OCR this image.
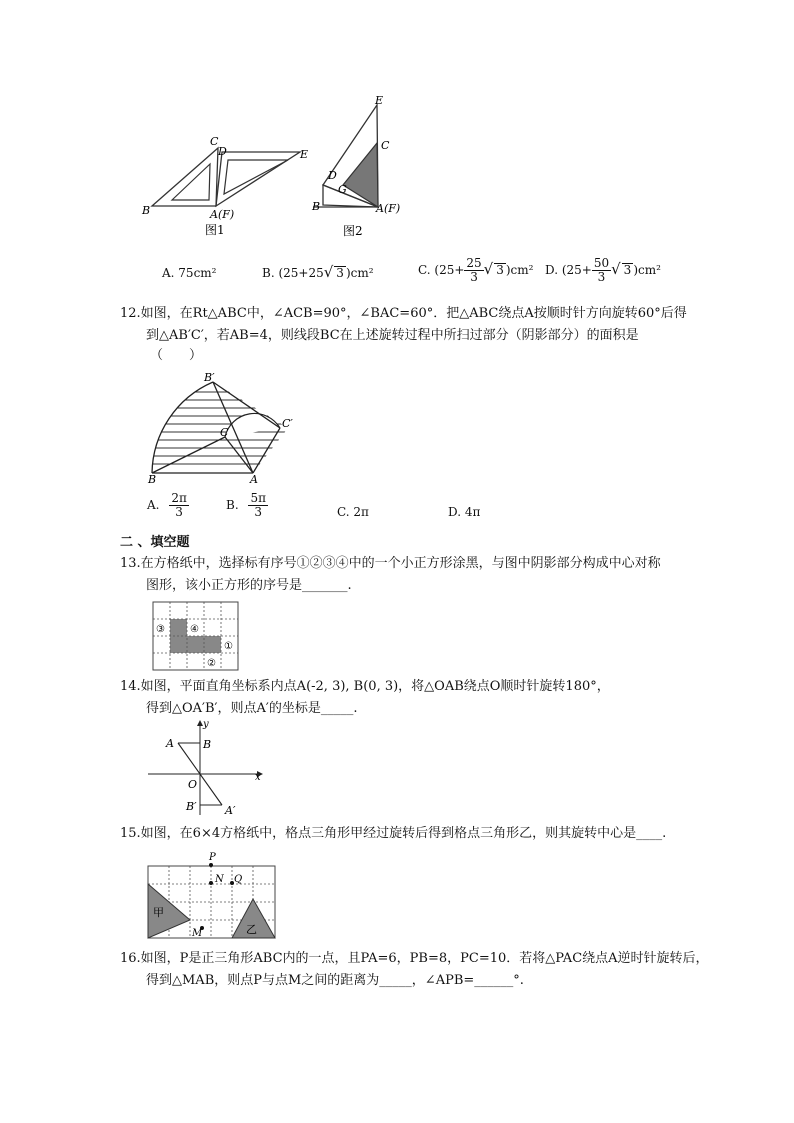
C
D	E
B	A(F)
图1
E
C
D
G
B	A(F)
图2
A. 75cm²	B. (25+25√ 3 )cm²	C. ($25+ \frac{25}{3}$ √ 3 )cm² D. ($25+ \frac{50}{3}$ √ 3 )cm²
12.如图，在Rt△ABC中，∠ACB=90°，∠BAC=60°．把△ABC绕点A按顺时针方向旋转60°后得
到△AB′C′，若AB=4，则线段BC在上述旋转过程中所扫过部分（阴影部分）的面积是
（　　）
B′
C′
C
B	A
A. $\frac{2\pi}{3}$	B. $\frac{5\pi}{3}$	C. 2π	D. 4π
二 、填空题
13.在方格纸中，选择标有序号①②③④中的一个小正方形涂黑，与图中阴影部分构成中心对称
图形，该小正方形的序号是_______.
③	④
①
②
14.如图，平面直角坐标系内点A(-2, 3), B(0, 3)，将△OAB绕点O顺时针旋转180°，
得到△OA′B′，则点A′的坐标是_____.
y
x
A	B
O
B′	A′
15.如图，在6×4方格纸中，格点三角形甲经过旋转后得到格点三角形乙，则其旋转中心是____.
P
N Q
M
甲
乙
16.如图，P是正三角形ABC内的一点，且PA=6，PB=8，PC=10．若将△PAC绕点A逆时针旋转后，
得到△MAB，则点P与点M之间的距离为_____，∠APB=______°.
